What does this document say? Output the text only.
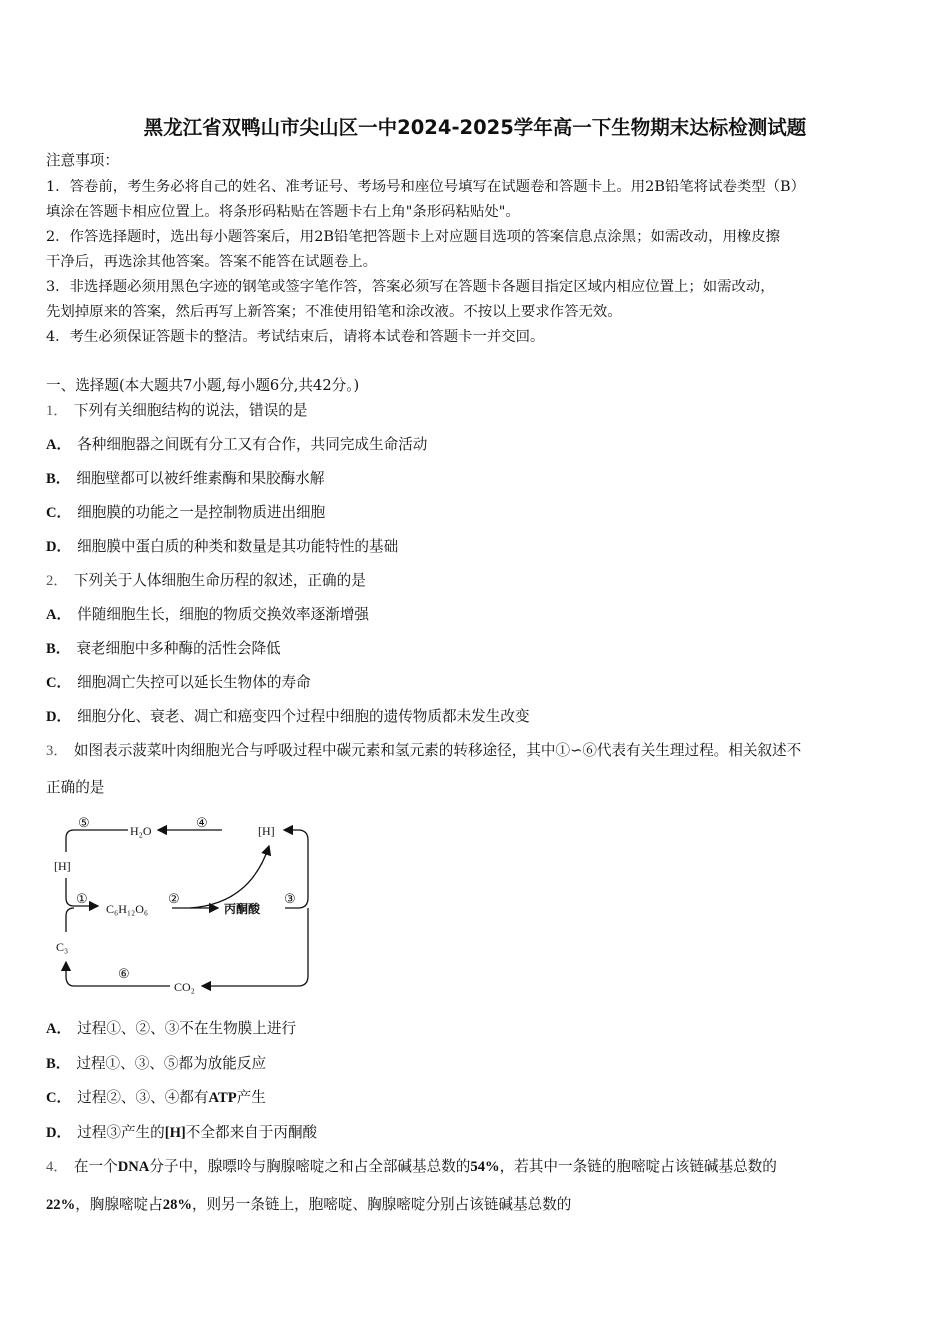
黑龙江省双鸭山市尖山区一中2024-2025学年高一下生物期末达标检测试题
注意事项：
1．答卷前，考生务必将自己的姓名、准考证号、考场号和座位号填写在试题卷和答题卡上。用2B铅笔将试卷类型（B）
填涂在答题卡相应位置上。将条形码粘贴在答题卡右上角"条形码粘贴处"。
2．作答选择题时，选出每小题答案后，用2B铅笔把答题卡上对应题目选项的答案信息点涂黑；如需改动，用橡皮擦
干净后，再选涂其他答案。答案不能答在试题卷上。
3．非选择题必须用黑色字迹的钢笔或签字笔作答，答案必须写在答题卡各题目指定区域内相应位置上；如需改动，
先划掉原来的答案，然后再写上新答案；不准使用铅笔和涂改液。不按以上要求作答无效。
4．考生必须保证答题卡的整洁。考试结束后，请将本试卷和答题卡一并交回。
一、选择题(本大题共7小题,每小题6分,共42分。)
1． 下列有关细胞结构的说法，错误的是
A． 各种细胞器之间既有分工又有合作，共同完成生命活动
B． 细胞壁都可以被纤维素酶和果胶酶水解
C． 细胞膜的功能之一是控制物质进出细胞
D． 细胞膜中蛋白质的种类和数量是其功能特性的基础
2． 下列关于人体细胞生命历程的叙述，正确的是
A． 伴随细胞生长，细胞的物质交换效率逐渐增强
B． 衰老细胞中多种酶的活性会降低
C． 细胞凋亡失控可以延长生物体的寿命
D． 细胞分化、衰老、凋亡和癌变四个过程中细胞的遗传物质都未发生改变
3． 如图表示菠菜叶肉细胞光合与呼吸过程中碳元素和氢元素的转移途径，其中①∽⑥代表有关生理过程。相关叙述不
正确的是
⑤
H₂O
④
[H]
[H]
①
C₆H₁₂O₆
②
丙酮酸
③
C₃
⑥
CO₂
A． 过程①、②、③不在生物膜上进行
B． 过程①、③、⑤都为放能反应
C． 过程②、③、④都有ATP产生
D． 过程③产生的[H]不全都来自于丙酮酸
4． 在一个DNA分子中，腺嘌呤与胸腺嘧啶之和占全部碱基总数的54%，若其中一条链的胞嘧啶占该链碱基总数的
22%，胸腺嘧啶占28%，则另一条链上，胞嘧啶、胸腺嘧啶分别占该链碱基总数的
